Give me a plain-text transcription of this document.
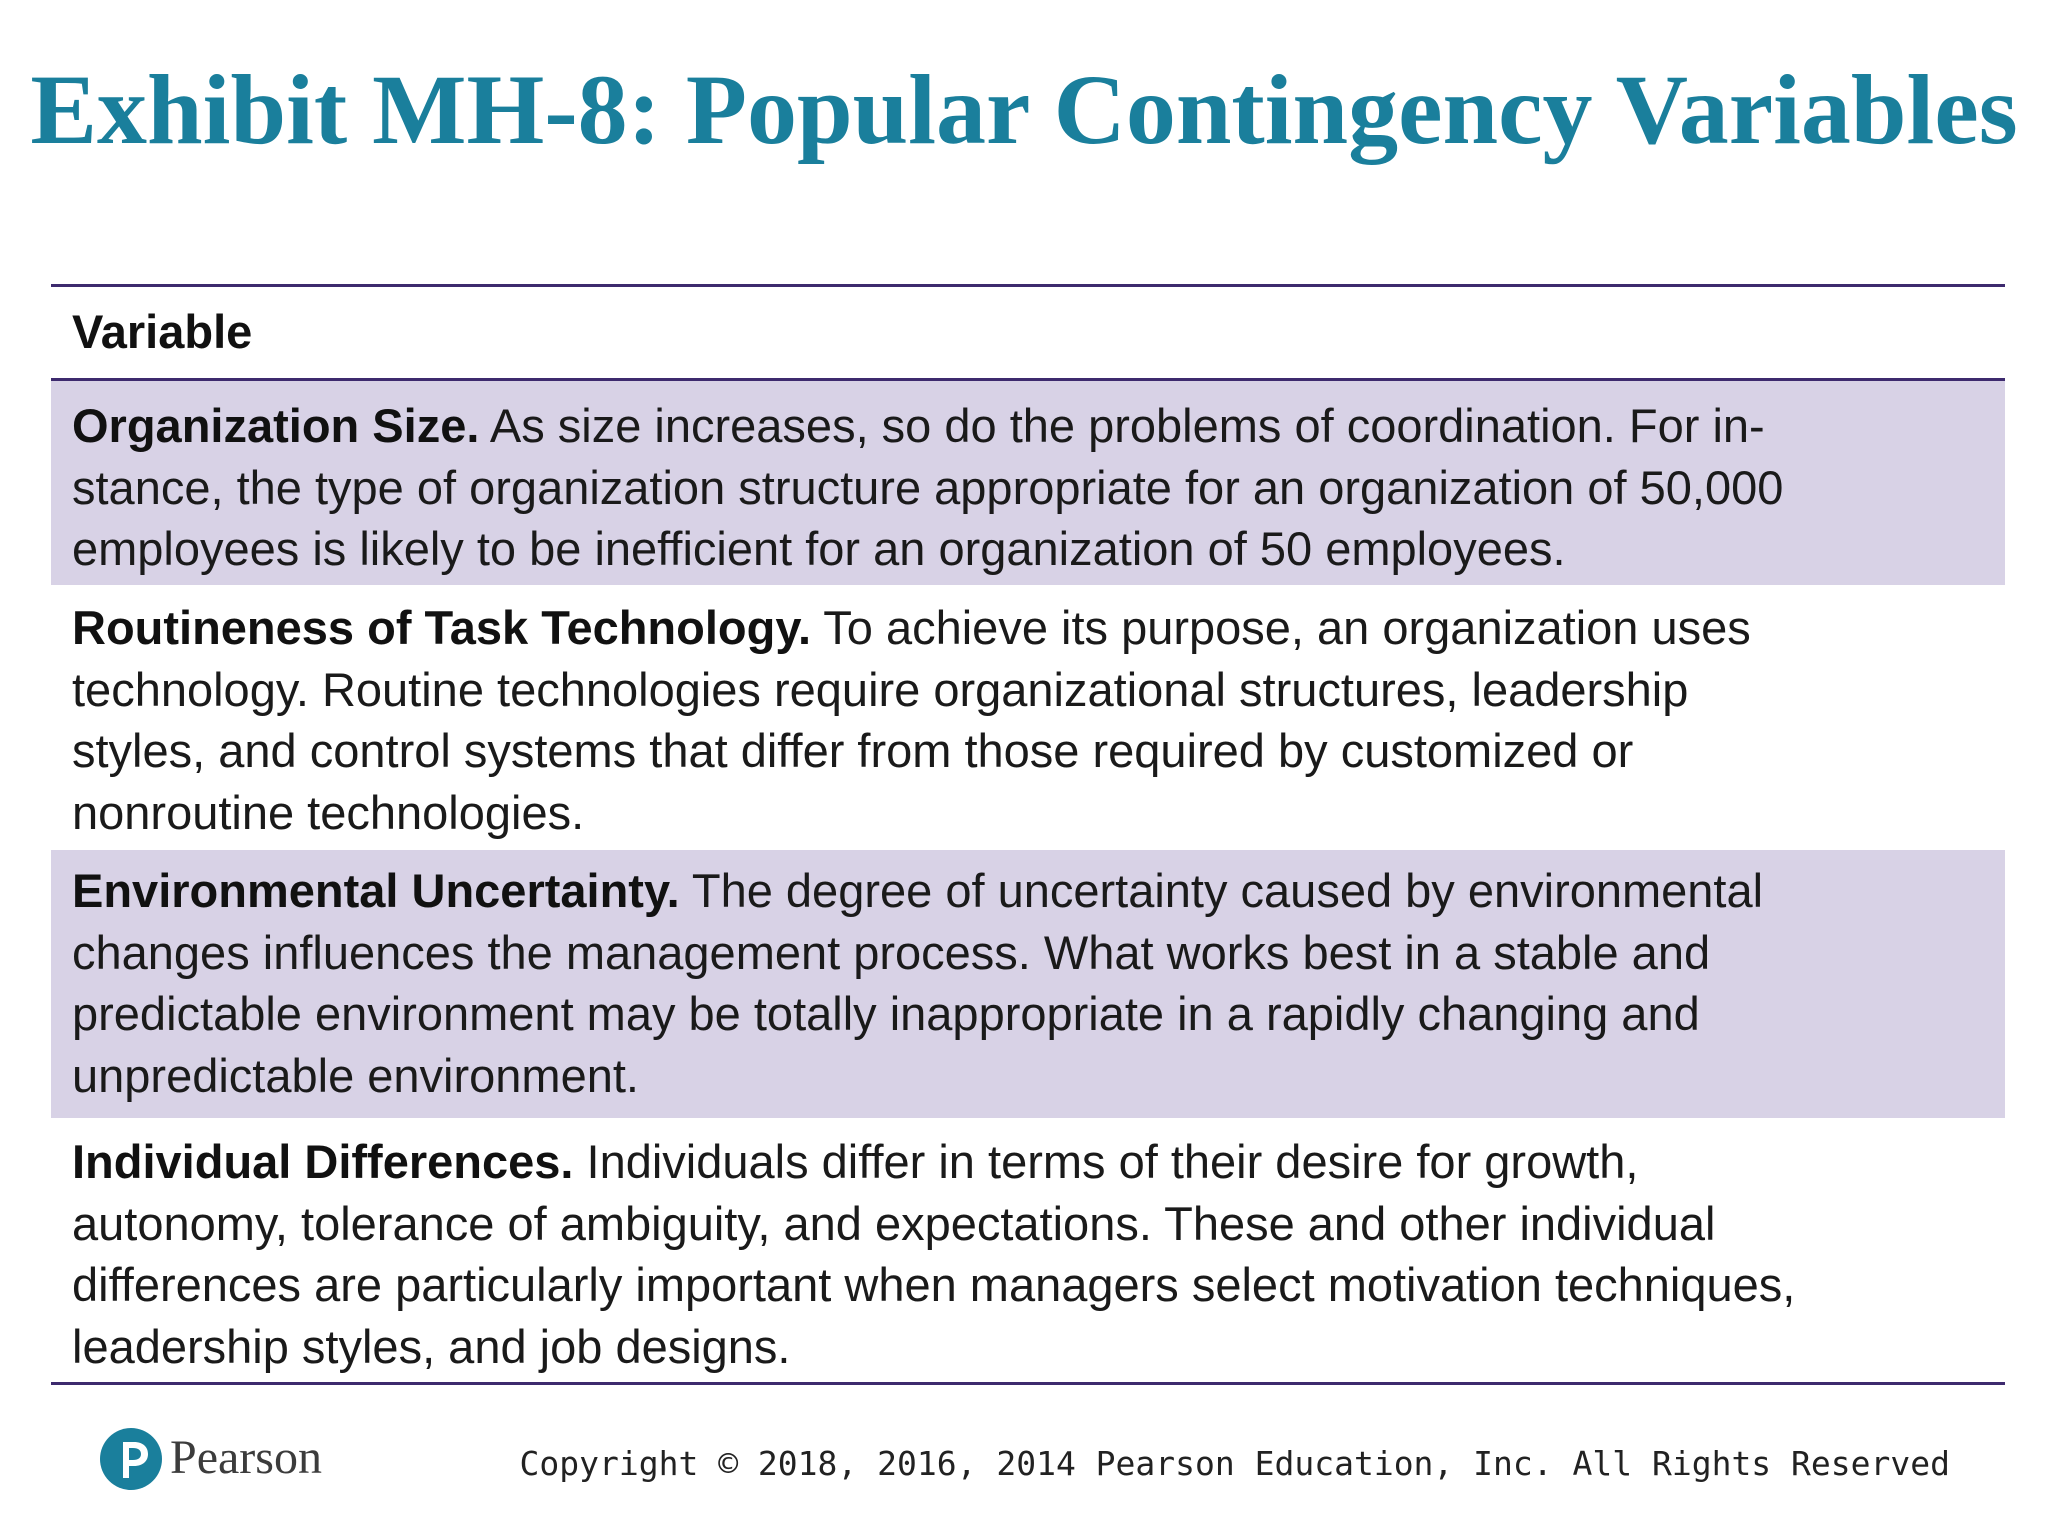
Exhibit MH-8: Popular Contingency Variables
Variable
Organization Size. As size increases, so do the problems of coordination. For in-
stance, the type of organization structure appropriate for an organization of 50,000
employees is likely to be inefficient for an organization of 50 employees.
Routineness of Task Technology. To achieve its purpose, an organization uses
technology. Routine technologies require organizational structures, leadership
styles, and control systems that differ from those required by customized or
nonroutine technologies.
Environmental Uncertainty. The degree of uncertainty caused by environmental
changes influences the management process. What works best in a stable and
predictable environment may be totally inappropriate in a rapidly changing and
unpredictable environment.
Individual Differences. Individuals differ in terms of their desire for growth,
autonomy, tolerance of ambiguity, and expectations. These and other individual
differences are particularly important when managers select motivation techniques,
leadership styles, and job designs.
Pearson	Copyright © 2018, 2016, 2014 Pearson Education, Inc. All Rights Reserved
